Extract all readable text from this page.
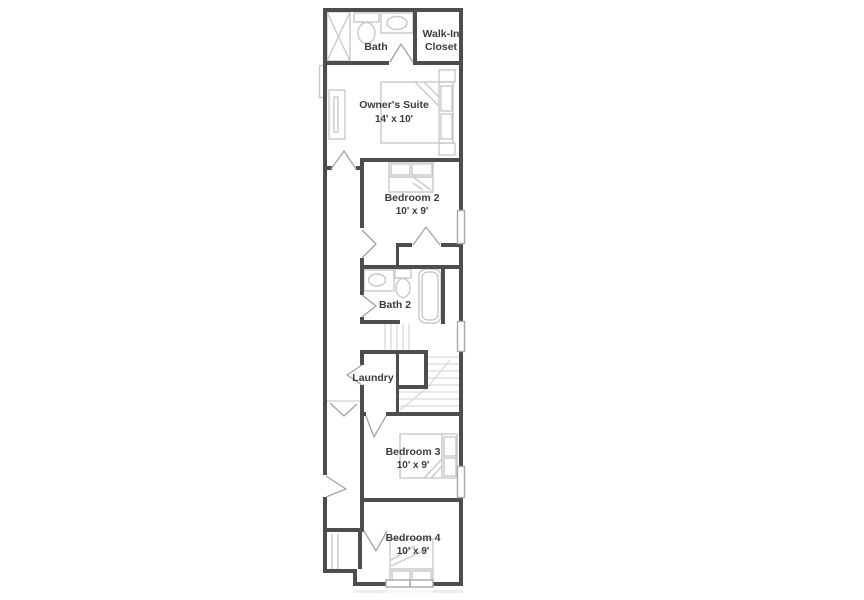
Bath
Walk-In
Closet
Owner's Suite
14' x 10'
Bedroom 2
10' x 9'
Bath 2
Laundry
Bedroom 3
10' x 9'
Bedroom 4
10' x 9'
